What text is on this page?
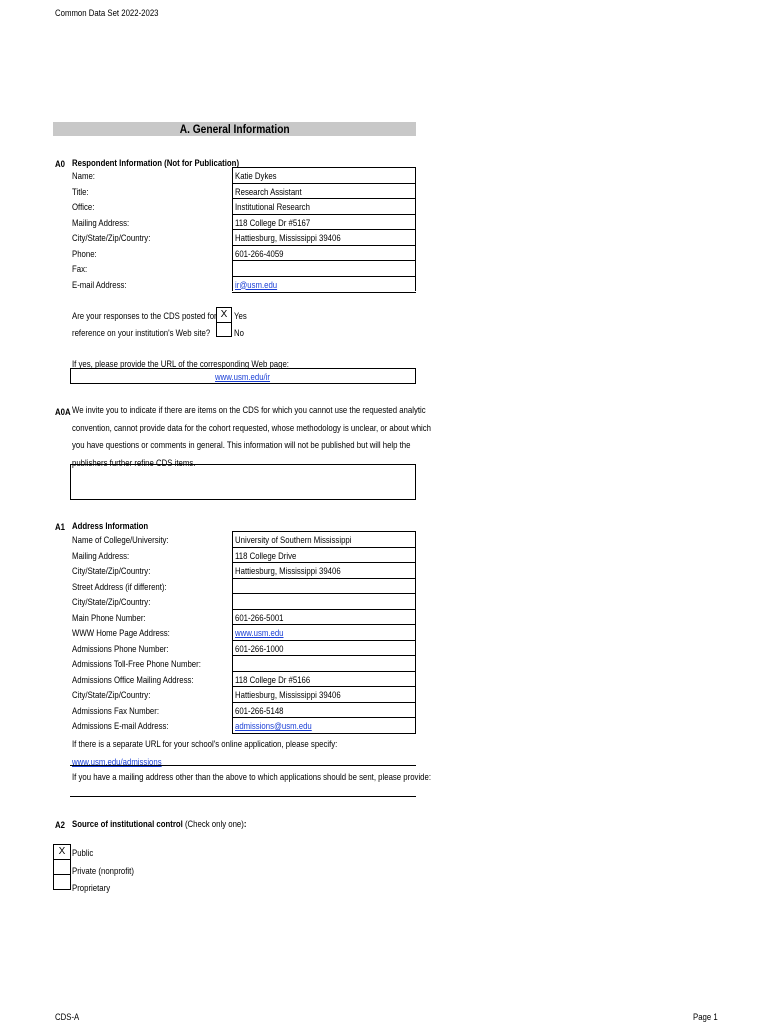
Common Data Set 2022-2023
A. General Information
A0 Respondent Information (Not for Publication)
Name:
Title:
Office:
Mailing Address:
City/State/Zip/Country:
Phone:
Fax:
E-mail Address:
Katie Dykes
Research Assistant
Institutional Research
118 College Dr #5167
Hattiesburg, Mississippi 39406
601-266-4059
ir@usm.edu
Are your responses to the CDS posted for
reference on your institution's Web site?
X Yes
No
If yes, please provide the URL of the corresponding Web page:
www.usm.edu/ir
A0A We invite you to indicate if there are items on the CDS for which you cannot use the requested analytic
convention, cannot provide data for the cohort requested, whose methodology is unclear, or about which
you have questions or comments in general. This information will not be published but will help the
publishers further refine CDS items.
A1 Address Information
Name of College/University:
Mailing Address:
City/State/Zip/Country:
Street Address (if different):
City/State/Zip/Country:
Main Phone Number:
WWW Home Page Address:
Admissions Phone Number:
Admissions Toll-Free Phone Number:
Admissions Office Mailing Address:
City/State/Zip/Country:
Admissions Fax Number:
Admissions E-mail Address:
University of Southern Mississippi
118 College Drive
Hattiesburg, Mississippi 39406
601-266-5001
www.usm.edu
601-266-1000
118 College Dr #5166
Hattiesburg, Mississippi 39406
601-266-5148
admissions@usm.edu
If there is a separate URL for your school's online application, please specify:
www.usm.edu/admissions
If you have a mailing address other than the above to which applications should be sent, please provide:
A2 Source of institutional control (Check only one):
X Public
Private (nonprofit)
Proprietary
CDS-A	Page 1
